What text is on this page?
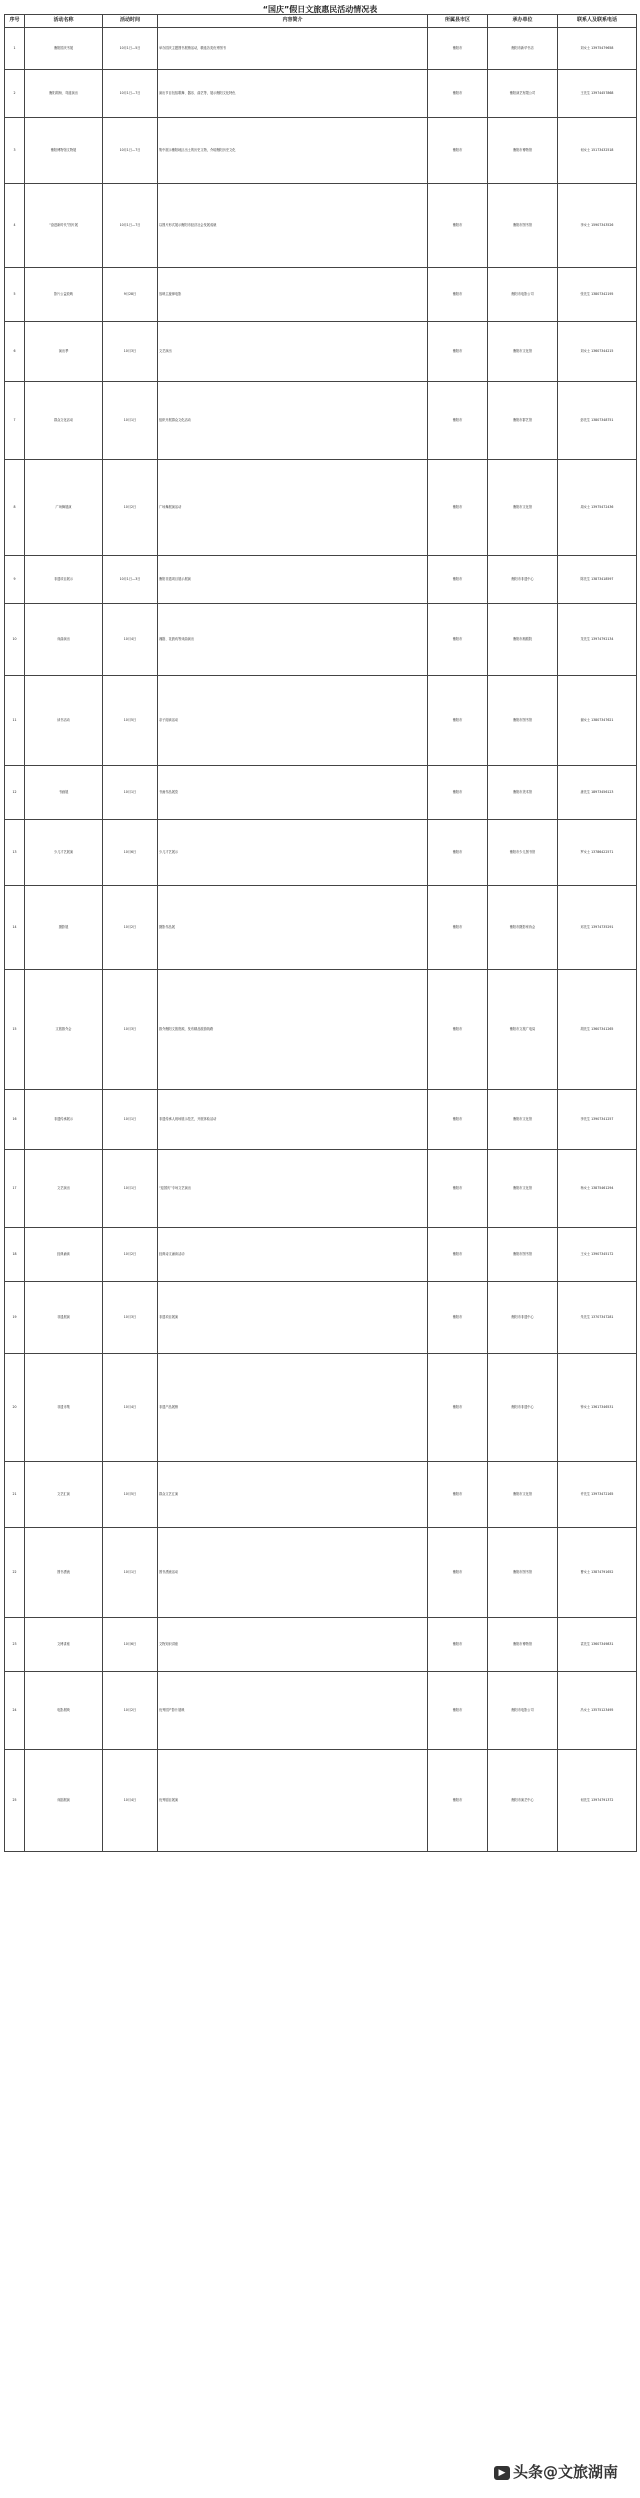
“国庆”假日文旅惠民活动情况表
序号	活动名称	活动时间	内容简介	所属县市区	承办单位	联系人及联系电话
1	衡阳国庆书展	10月1日—5日	举办国庆主题图书展销活动，精选各类优秀图书	衡阳市	衡阳市新华书店	刘女士 13975479658
2	衡阳胡杨、弯道演出	10月1日—7日	演出节目包括歌舞、器乐、曲艺等，展示衡阳文化特色	衡阳市	衡阳演艺有限公司	王先生 13974457868
3	衡阳博物馆文物展	10月1日—7日	集中展示衡阳地区出土的历史文物，介绍衡阳历史文化	衡阳市	衡阳市博物馆	何女士 15173432518
4	“奋进新时代”图片展	10月1日—7日	以图片形式展示衡阳市经济社会发展成就	衡阳市	衡阳市图书馆	李女士 15907343526
5	影片公益放映	9月28日	放映主旋律电影	衡阳市	衡阳市电影公司	张先生 13807342195
6	演出季	10月3日	文艺演出	衡阳市	衡阳市文化馆	刘女士 13607344215
7	群众文化活动	10月1日	组织开展群众文化活动	衡阳市	衡阳市群艺馆	彭先生 13807348751
8	广场舞展演	10月2日	广场舞展演活动	衡阳市	衡阳市文化馆	周女士 13975472436
9	非遗项目展示	10月1日—3日	衡阳非遗项目展示展演	衡阳市	衡阳市非遗中心	陈先生 13873418597
10	戏曲演出	10月4日	湘剧、花鼓戏等戏曲演出	衡阳市	衡阳市湘剧院	龙先生 13974792134
11	读书活动	10月5日	亲子阅读活动	衡阳市	衡阳市图书馆	谢女士 13807347621
12	书画展	10月1日	书画作品展览	衡阳市	衡阳市美术馆	唐先生 18973456123
13	少儿才艺展演	10月6日	少儿才艺展示	衡阳市	衡阳市少儿图书馆	罗女士 13786422571
14	摄影展	10月2日	摄影作品展	衡阳市	衡阳市摄影家协会	邓先生 13974735291
15	文旅推介会	10月3日	推介衡阳文旅资源，发布精品旅游线路	衡阳市	衡阳市文旅广电局	胡先生 13607341265
16	非遗传承展示	10月1日	非遗传承人现场展示技艺，开展体验活动	衡阳市	衡阳市文化馆	李先生 13907341257
17	文艺演出	10月1日	“迎国庆”专场文艺演出	衡阳市	衡阳市文化馆	杨女士 13875461294
18	经典诵读	10月2日	经典诗文诵读活动	衡阳市	衡阳市图书馆	王女士 13907345172
19	非遗展演	10月3日	非遗项目展演	衡阳市	衡阳市非遗中心	朱先生 13707347281
20	非遗市集	10月4日	非遗产品展销	衡阳市	衡阳市非遗中心	钟女士 13617346531
21	文艺汇演	10月5日	群众文艺汇演	衡阳市	衡阳市文化馆	许先生 13973472165
22	图书漂流	10月1日	图书漂流活动	衡阳市	衡阳市图书馆	曹女士 13874791652
23	文博讲座	10月6日	文物知识讲座	衡阳市	衡阳市博物馆	袁先生 13607349831
24	电影展映	10月2日	优秀国产影片展映	衡阳市	衡阳市电影公司	冯女士 13575123495
25	戏剧展演	10月4日	优秀剧目展演	衡阳市	衡阳市演艺中心	何先生 13974791372
▶ 头条@文旅湖南
